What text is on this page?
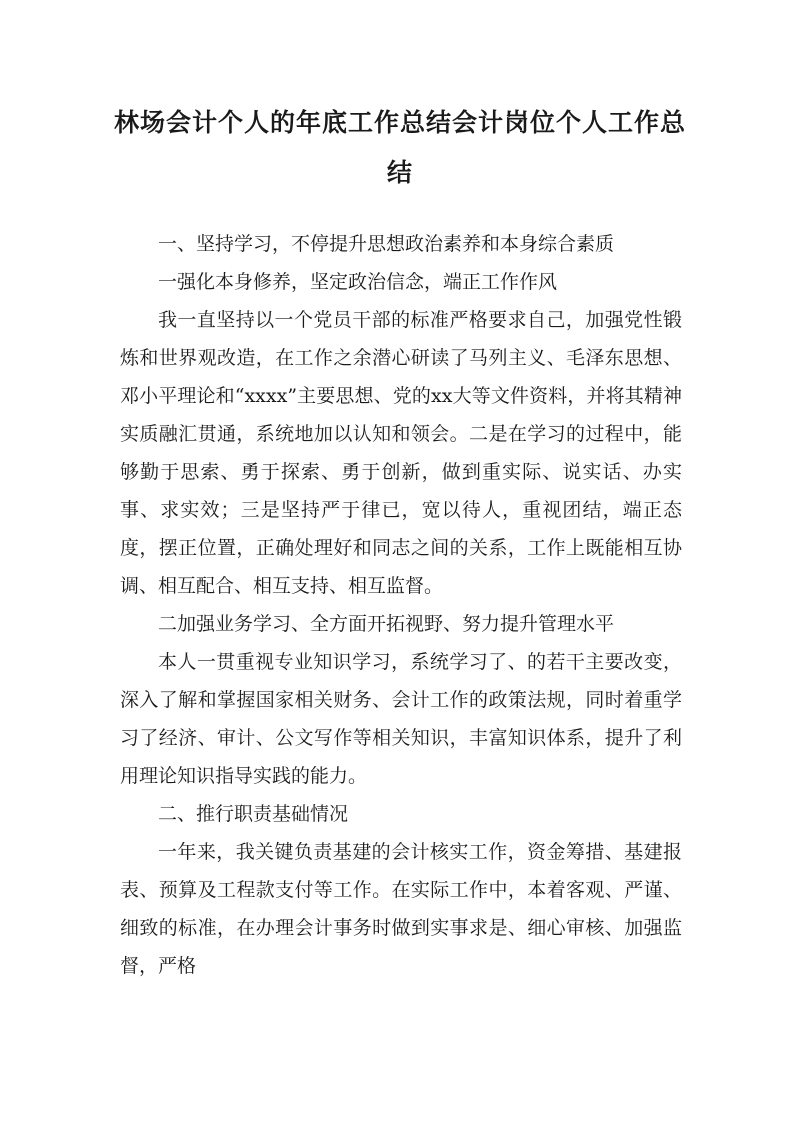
林场会计个人的年底工作总结会计岗位个人工作总
结

一、坚持学习，不停提升思想政治素养和本身综合素质

一强化本身修养，坚定政治信念，端正工作作风

我一直坚持以一个党员干部的标准严格要求自己，加强党性锻炼和世界观改造，在工作之余潜心研读了马列主义、毛泽东思想、邓小平理论和“xxxx”主要思想、党的xx大等文件资料，并将其精神实质融汇贯通，系统地加以认知和领会。二是在学习的过程中，能够勤于思索、勇于探索、勇于创新，做到重实际、说实话、办实事、求实效；三是坚持严于律已，宽以待人，重视团结，端正态度，摆正位置，正确处理好和同志之间的关系，工作上既能相互协调、相互配合、相互支持、相互监督。

二加强业务学习、全方面开拓视野、努力提升管理水平

本人一贯重视专业知识学习，系统学习了、的若干主要改变，深入了解和掌握国家相关财务、会计工作的政策法规，同时着重学习了经济、审计、公文写作等相关知识，丰富知识体系，提升了利用理论知识指导实践的能力。

二、推行职责基础情况

一年来，我关键负责基建的会计核实工作，资金筹措、基建报表、预算及工程款支付等工作。在实际工作中，本着客观、严谨、细致的标准，在办理会计事务时做到实事求是、细心审核、加强监督，严格
